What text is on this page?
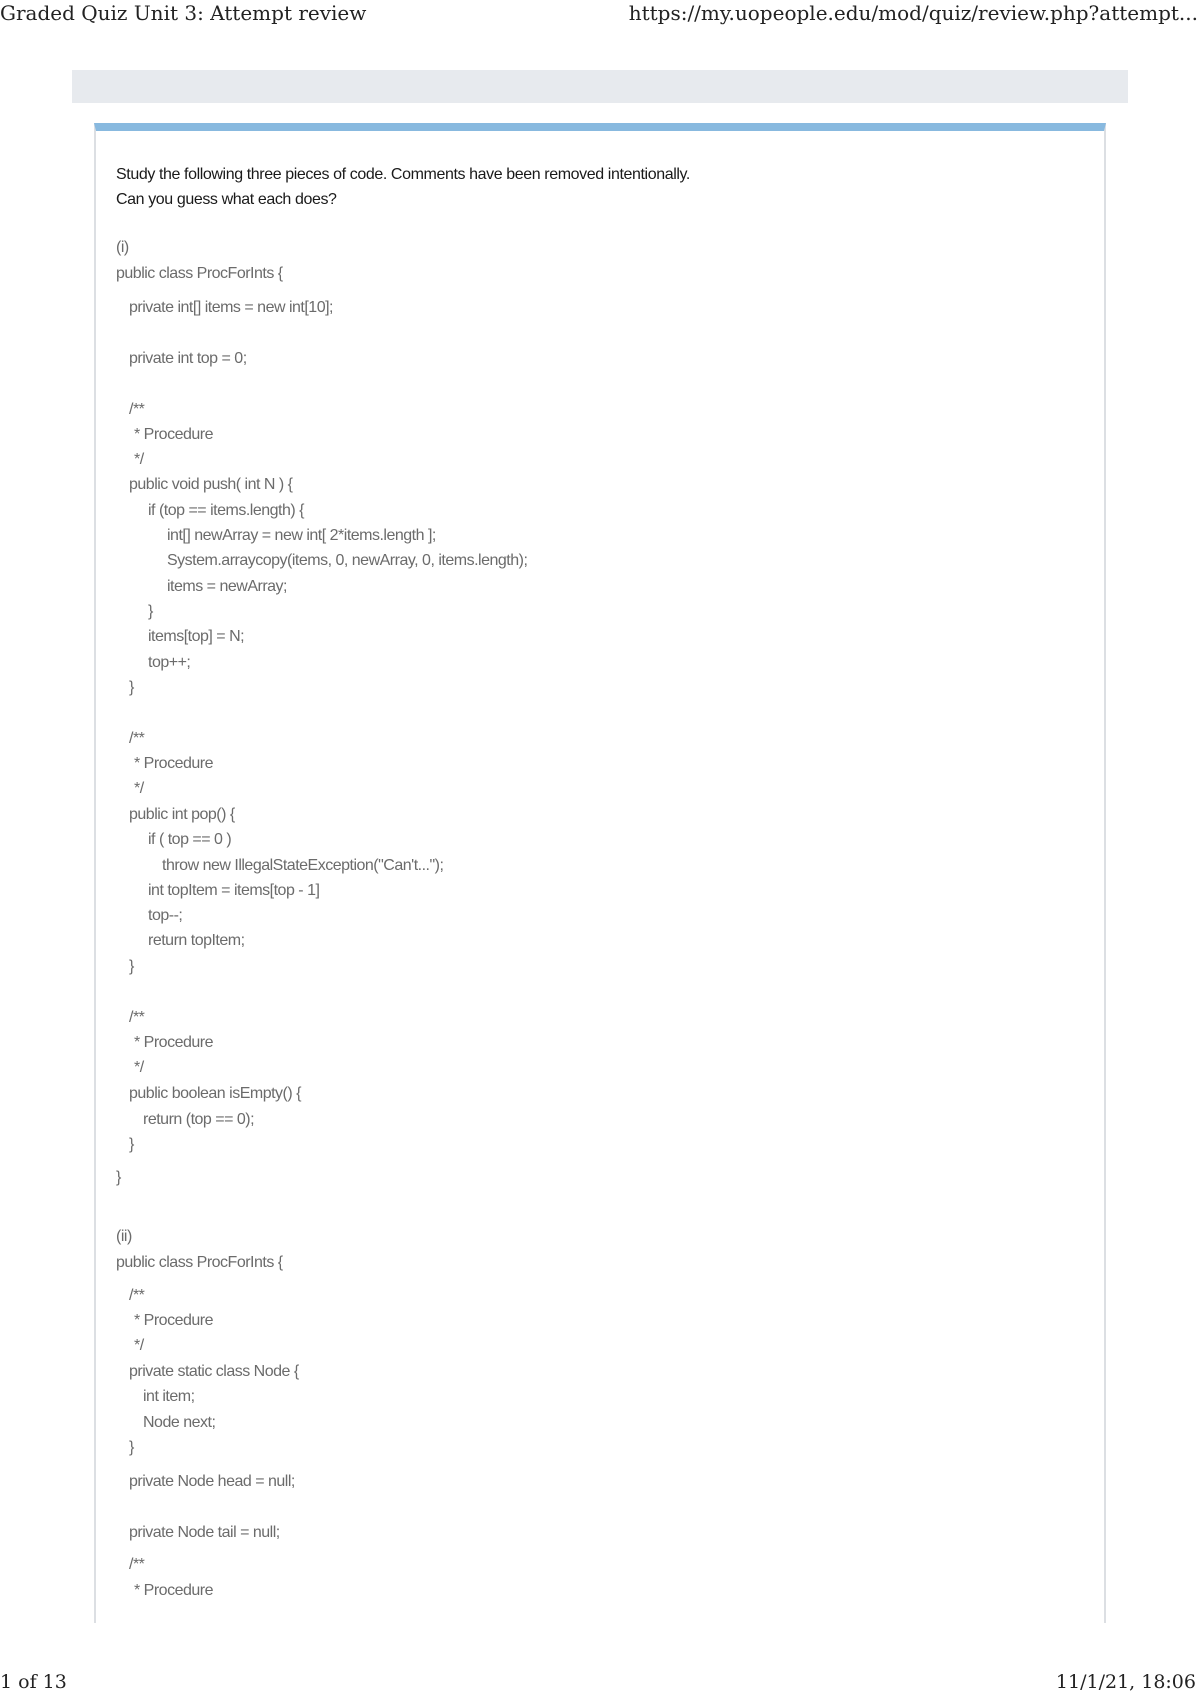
Graded Quiz Unit 3: Attempt review	https://my.uopeople.edu/mod/quiz/review.php?attempt...
Study the following three pieces of code. Comments have been removed intentionally.
Can you guess what each does?
(i)
public class ProcForInts {
private int[] items = new int[10];
private int top = 0;
/**
* Procedure
*/
public void push( int N ) {
if (top == items.length) {
int[] newArray = new int[ 2*items.length ];
System.arraycopy(items, 0, newArray, 0, items.length);
items = newArray;
}
items[top] = N;
top++;
}
/**
* Procedure
*/
public int pop() {
if ( top == 0 )
throw new IllegalStateException("Can't...");
int topItem = items[top - 1]
top--;
return topItem;
}
/**
* Procedure
*/
public boolean isEmpty() {
return (top == 0);
}
}
(ii)
public class ProcForInts {
/**
* Procedure
*/
private static class Node {
int item;
Node next;
}
private Node head = null;
private Node tail = null;
/**
* Procedure
1 of 13	11/1/21, 18:06
